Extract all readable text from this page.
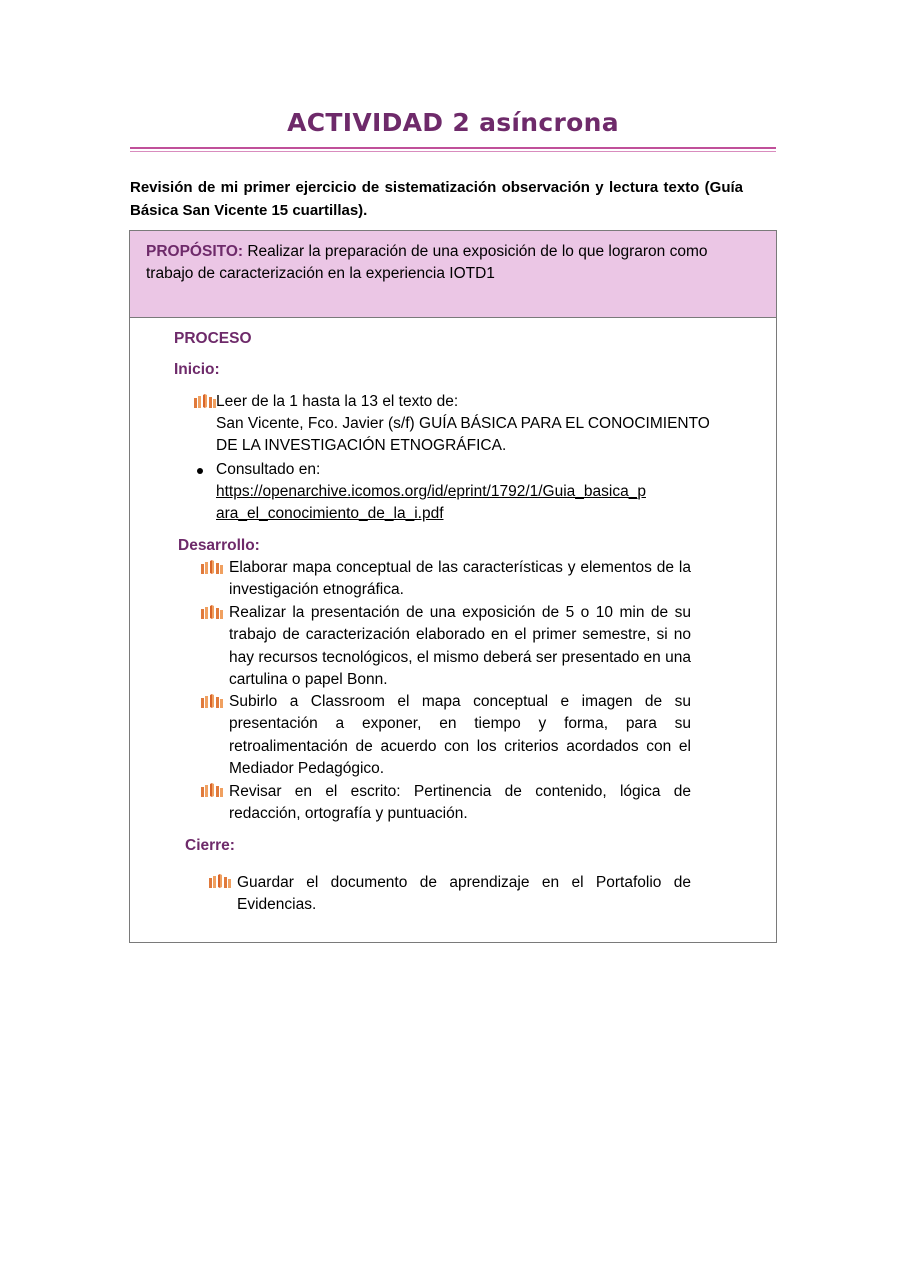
ACTIVIDAD 2 asíncrona
Revisión de mi primer ejercicio de sistematización observación y lectura texto (Guía Básica San Vicente 15 cuartillas).
PROPÓSITO: Realizar la preparación de una exposición de lo que lograron como trabajo de caracterización en la experiencia IOTD1
PROCESO
Inicio:
Leer de la 1 hasta la 13 el texto de:
San Vicente, Fco. Javier (s/f) GUÍA BÁSICA PARA EL CONOCIMIENTO
DE LA INVESTIGACIÓN ETNOGRÁFICA.
Consultado en:
https://openarchive.icomos.org/id/eprint/1792/1/Guia_basica_p
ara_el_conocimiento_de_la_i.pdf
Desarrollo:
Elaborar mapa conceptual de las características y elementos de la investigación etnográfica.
Realizar la presentación de una exposición de 5 o 10 min de su trabajo de caracterización elaborado en el primer semestre, si no hay recursos tecnológicos, el mismo deberá ser presentado en una cartulina o papel Bonn.
Subirlo a Classroom el mapa conceptual e imagen de su presentación a exponer, en tiempo y forma, para su retroalimentación de acuerdo con los criterios acordados con el Mediador Pedagógico.
Revisar en el escrito: Pertinencia de contenido, lógica de redacción, ortografía y puntuación.
Cierre:
Guardar el documento de aprendizaje en el Portafolio de Evidencias.
